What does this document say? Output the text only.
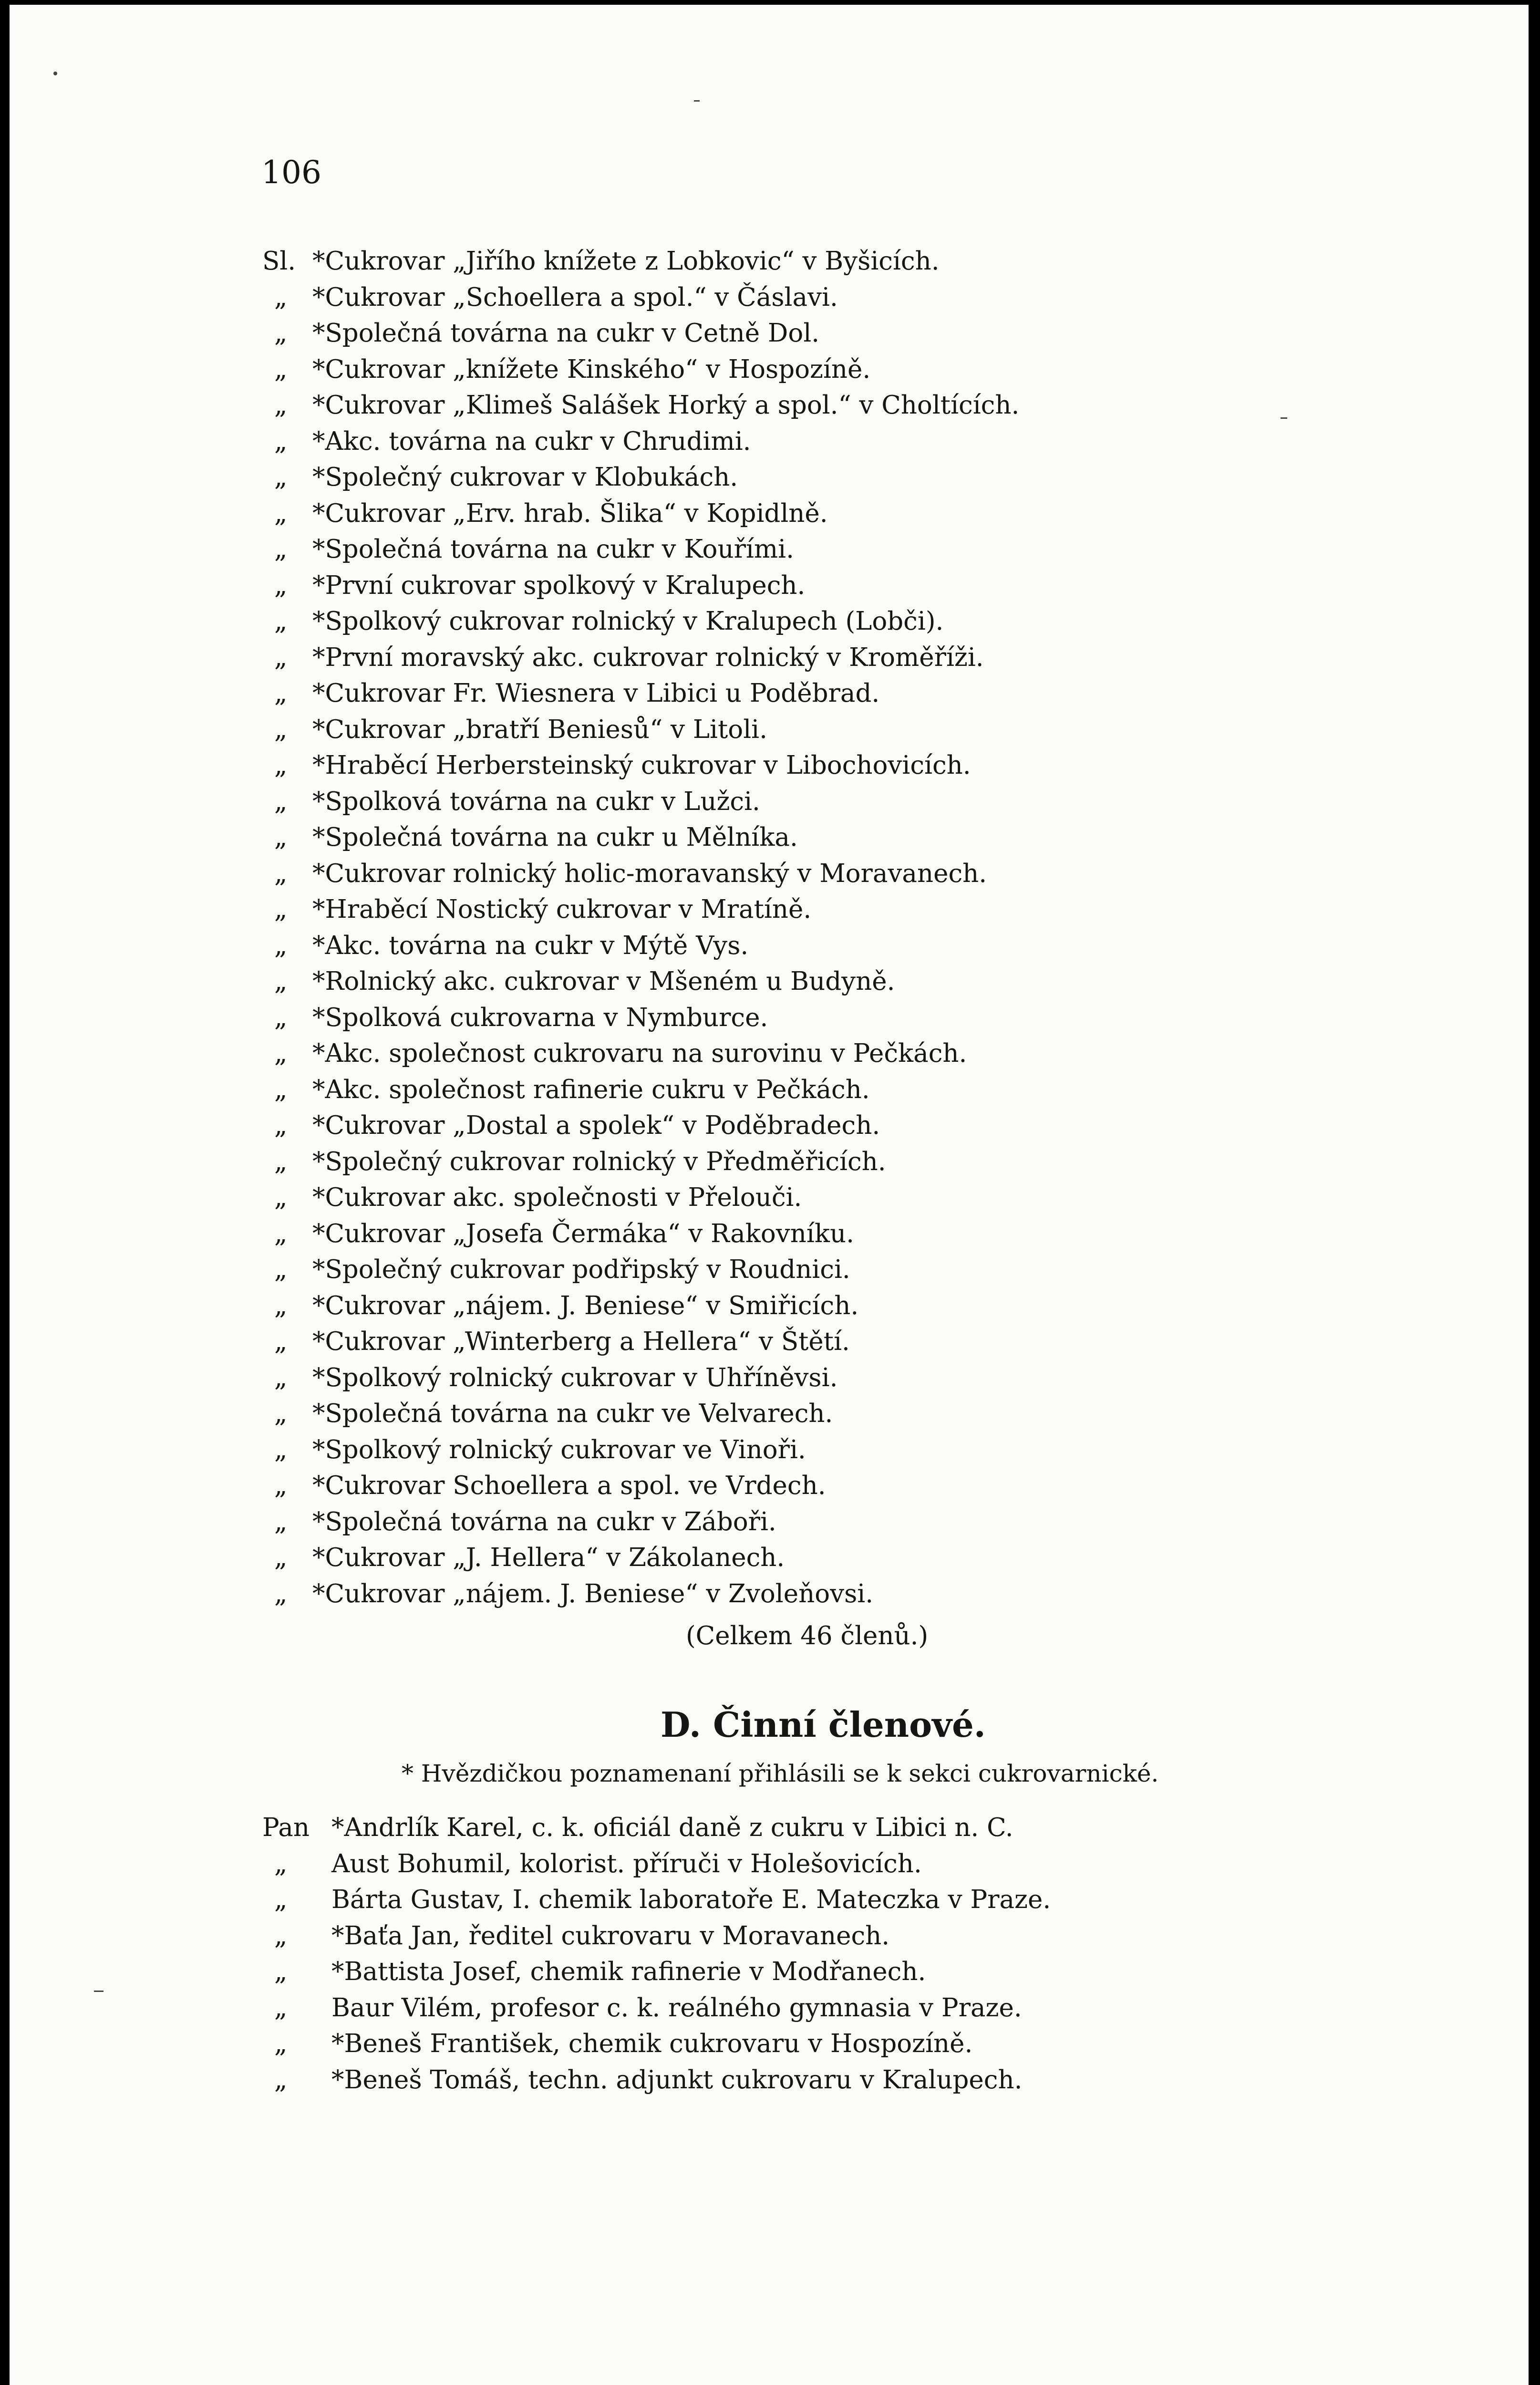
106

Sl. *Cukrovar „Jiřího knížete z Lobkovic“ v Byšicích.
„ *Cukrovar „Schoellera a spol.“ v Čáslavi.
„ *Společná továrna na cukr v Cetně Dol.
„ *Cukrovar „knížete Kinského“ v Hospozíně.
„ *Cukrovar „Klimeš Salášek Horký a spol.“ v Choltících.
„ *Akc. továrna na cukr v Chrudimi.
„ *Společný cukrovar v Klobukách.
„ *Cukrovar „Erv. hrab. Šlika“ v Kopidlně.
„ *Společná továrna na cukr v Kouřími.
„ *První cukrovar spolkový v Kralupech.
„ *Spolkový cukrovar rolnický v Kralupech (Lobči).
„ *První moravský akc. cukrovar rolnický v Kroměříži.
„ *Cukrovar Fr. Wiesnera v Libici u Poděbrad.
„ *Cukrovar „bratří Beniesů“ v Litoli.
„ *Hraběcí Herbersteinský cukrovar v Libochovicích.
„ *Spolková továrna na cukr v Lužci.
„ *Společná továrna na cukr u Mělníka.
„ *Cukrovar rolnický holic-moravanský v Moravanech.
„ *Hraběcí Nostický cukrovar v Mratíně.
„ *Akc. továrna na cukr v Mýtě Vys.
„ *Rolnický akc. cukrovar v Mšeném u Budyně.
„ *Spolková cukrovarna v Nymburce.
„ *Akc. společnost cukrovaru na surovinu v Pečkách.
„ *Akc. společnost rafinerie cukru v Pečkách.
„ *Cukrovar „Dostal a spolek“ v Poděbradech.
„ *Společný cukrovar rolnický v Předměřicích.
„ *Cukrovar akc. společnosti v Přelouči.
„ *Cukrovar „Josefa Čermáka“ v Rakovníku.
„ *Společný cukrovar podřipský v Roudnici.
„ *Cukrovar „nájem. J. Beniese“ v Smiřicích.
„ *Cukrovar „Winterberg a Hellera“ v Štětí.
„ *Spolkový rolnický cukrovar v Uhříněvsi.
„ *Společná továrna na cukr ve Velvarech.
„ *Spolkový rolnický cukrovar ve Vinoři.
„ *Cukrovar Schoellera a spol. ve Vrdech.
„ *Společná továrna na cukr v Záboři.
„ *Cukrovar „J. Hellera“ v Zákolanech.
„ *Cukrovar „nájem. J. Beniese“ v Zvoleňovsi.

(Celkem 46 členů.)

D. Činní členové.

* Hvězdičkou poznamenaní přihlásili se k sekci cukrovarnické.

Pan *Andrlík Karel, c. k. oficiál daně z cukru v Libici n. C.
„ Aust Bohumil, kolorist. příruči v Holešovicích.
„ Bárta Gustav, I. chemik laboratoře E. Mateczka v Praze.
„ *Baťa Jan, ředitel cukrovaru v Moravanech.
„ *Battista Josef, chemik rafinerie v Modřanech.
„ Baur Vilém, profesor c. k. reálného gymnasia v Praze.
„ *Beneš František, chemik cukrovaru v Hospozíně.
„ *Beneš Tomáš, techn. adjunkt cukrovaru v Kralupech.
